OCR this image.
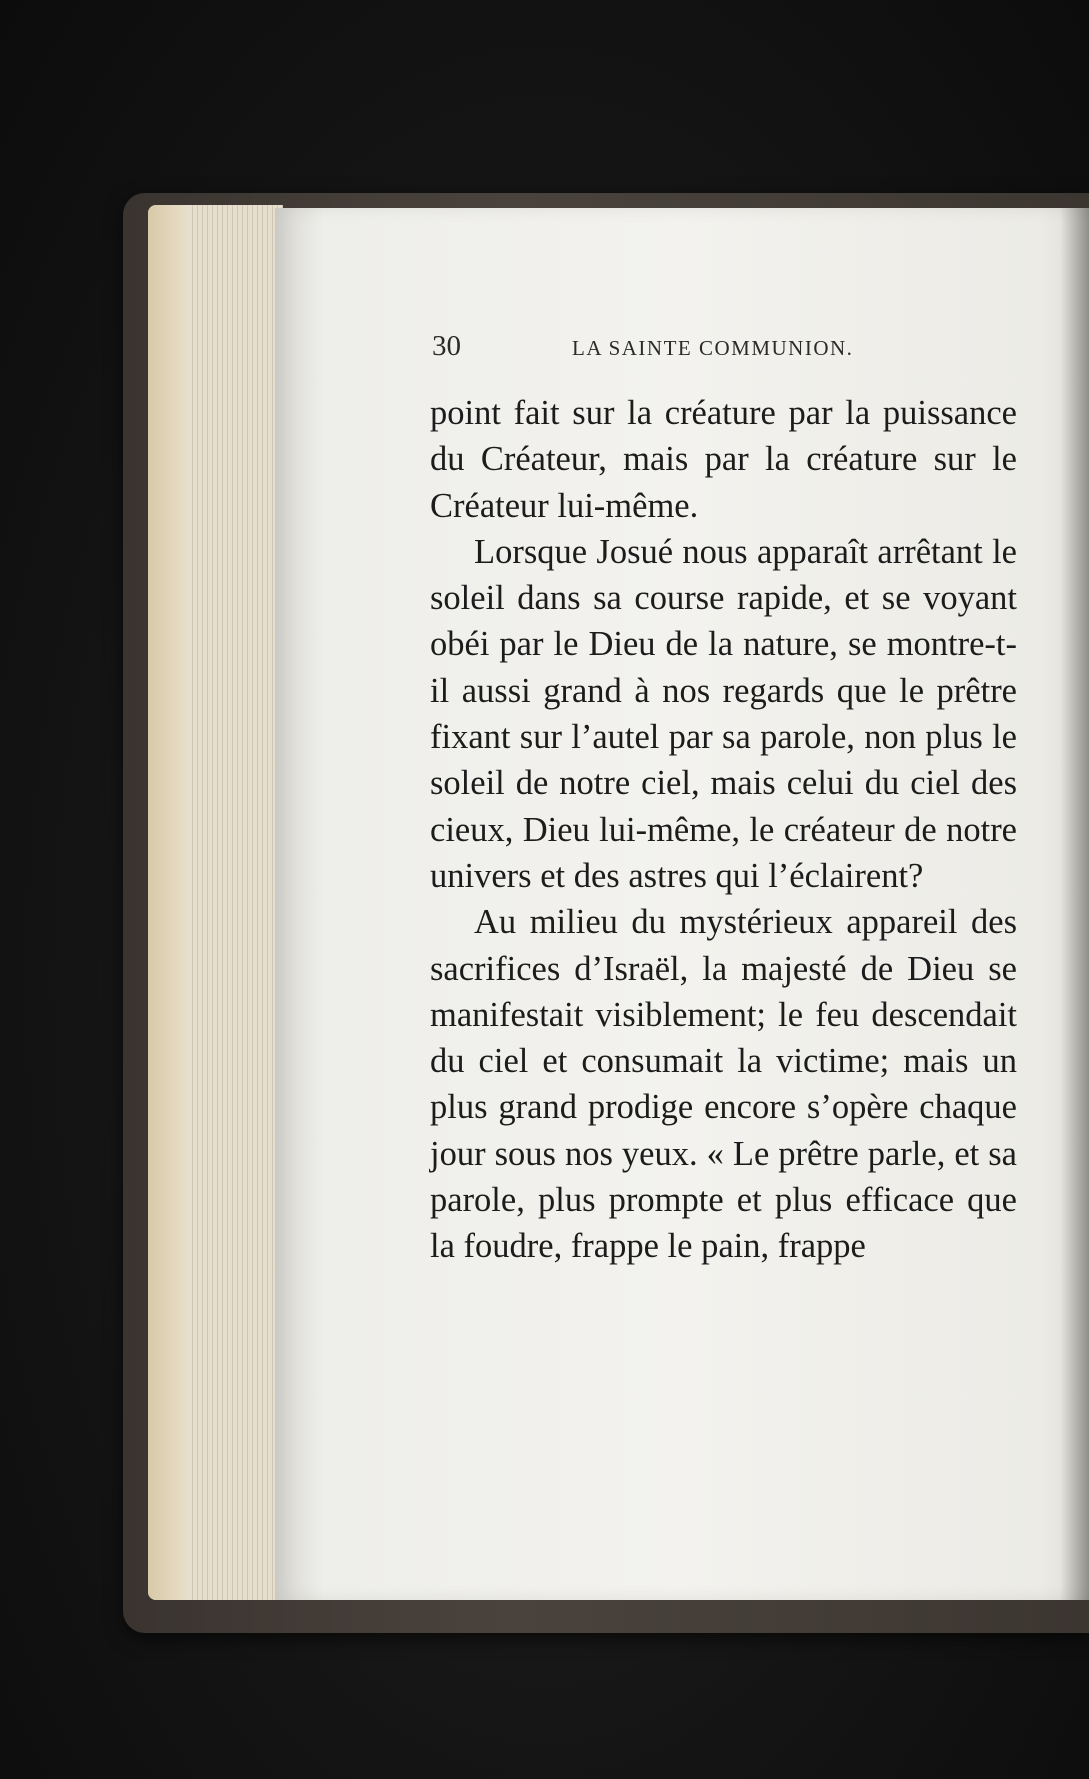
30	LA SAINTE COMMUNION.

point fait sur la créature par la puissance du Créateur, mais par la créature sur le Créateur lui-même.

Lorsque Josué nous apparaît arrêtant le soleil dans sa course rapide, et se voyant obéi par le Dieu de la nature, se montre-t-il aussi grand à nos regards que le prêtre fixant sur l’autel par sa parole, non plus le soleil de notre ciel, mais celui du ciel des cieux, Dieu lui-même, le créateur de notre univers et des astres qui l’éclairent?

Au milieu du mystérieux appareil des sacrifices d’Israël, la majesté de Dieu se manifestait visiblement; le feu descendait du ciel et consumait la victime; mais un plus grand prodige encore s’opère chaque jour sous nos yeux. « Le prêtre parle, et sa parole, plus prompte et plus efficace que la foudre, frappe le pain, frappe
